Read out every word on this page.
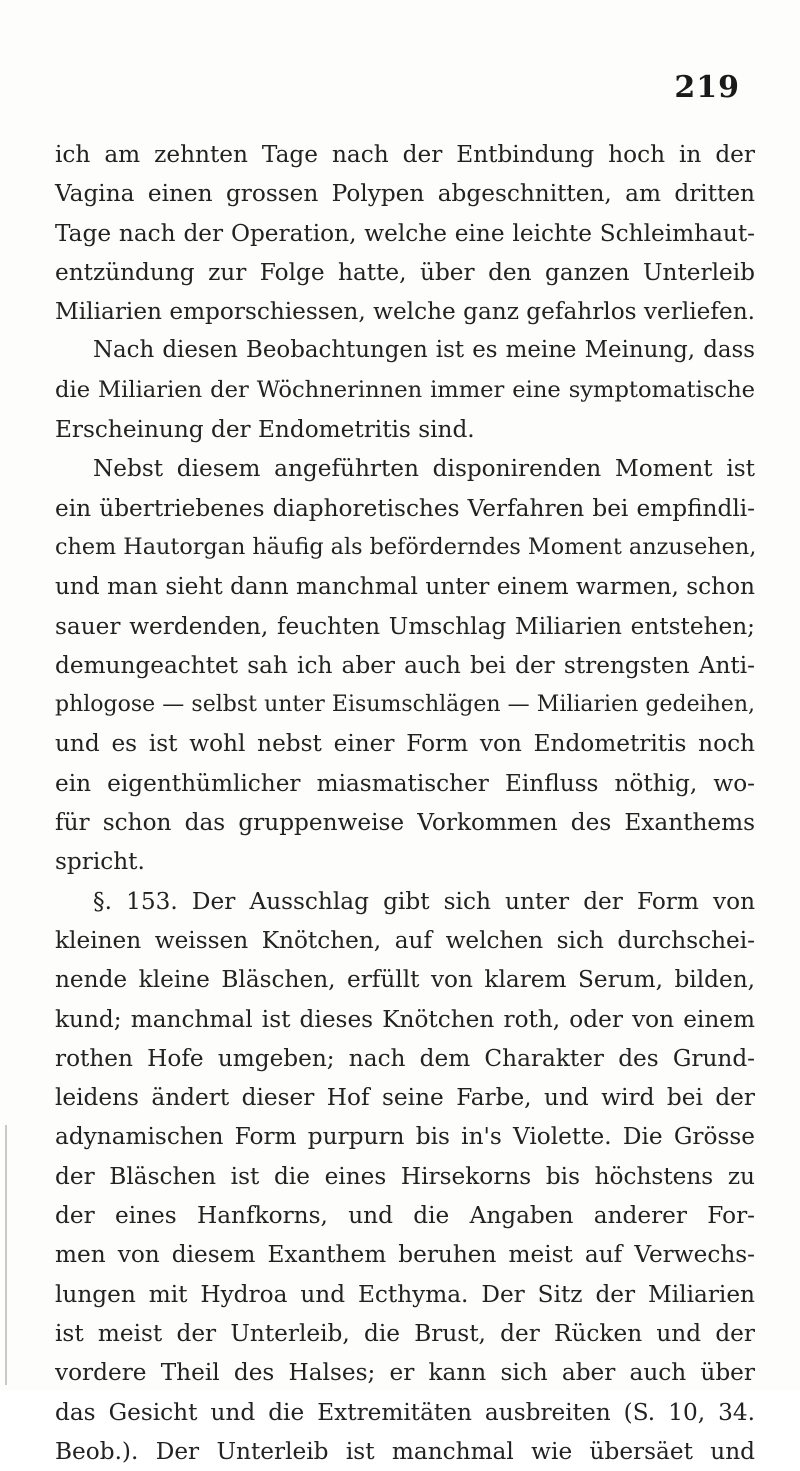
219
ich am zehnten Tage nach der Entbindung hoch in der
Vagina einen grossen Polypen abgeschnitten, am dritten
Tage nach der Operation, welche eine leichte Schleimhaut-
entzündung zur Folge hatte, über den ganzen Unterleib
Miliarien emporschiessen, welche ganz gefahrlos verliefen.
Nach diesen Beobachtungen ist es meine Meinung, dass
die Miliarien der Wöchnerinnen immer eine symptomatische
Erscheinung der Endometritis sind.
Nebst diesem angeführten disponirenden Moment ist
ein übertriebenes diaphoretisches Verfahren bei empfindli-
chem Hautorgan häufig als beförderndes Moment anzusehen,
und man sieht dann manchmal unter einem warmen, schon
sauer werdenden, feuchten Umschlag Miliarien entstehen;
demungeachtet sah ich aber auch bei der strengsten Anti-
phlogose — selbst unter Eisumschlägen — Miliarien gedeihen,
und es ist wohl nebst einer Form von Endometritis noch
ein eigenthümlicher miasmatischer Einfluss nöthig, wo-
für schon das gruppenweise Vorkommen des Exanthems
spricht.
§. 153. Der Ausschlag gibt sich unter der Form von
kleinen weissen Knötchen, auf welchen sich durchschei-
nende kleine Bläschen, erfüllt von klarem Serum, bilden,
kund; manchmal ist dieses Knötchen roth, oder von einem
rothen Hofe umgeben; nach dem Charakter des Grund-
leidens ändert dieser Hof seine Farbe, und wird bei der
adynamischen Form purpurn bis in's Violette. Die Grösse
der Bläschen ist die eines Hirsekorns bis höchstens zu
der eines Hanfkorns, und die Angaben anderer For-
men von diesem Exanthem beruhen meist auf Verwechs-
lungen mit Hydroa und Ecthyma. Der Sitz der Miliarien
ist meist der Unterleib, die Brust, der Rücken und der
vordere Theil des Halses; er kann sich aber auch über
das Gesicht und die Extremitäten ausbreiten (S. 10, 34.
Beob.). Der Unterleib ist manchmal wie übersäet und
